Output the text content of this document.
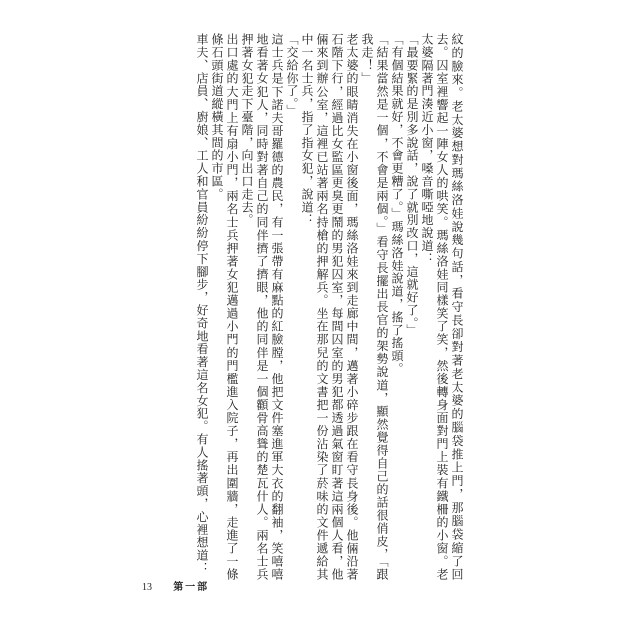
紋的臉來。老太婆想對瑪絲洛娃說幾句話，看守長卻對著老太婆的腦袋推上門，那腦袋縮了回去。囚室裡響起一陣女人的哄笑。瑪絲洛娃同樣笑了笑，然後轉身面對門上裝有鐵柵的小窗。老太婆隔著門湊近小窗，嗓音嘶啞地說道：

「最要緊的是別多說話，說了就別改口，這就好了。」

「有個結果就好，不會更糟了。」瑪絲洛娃說道，搖了搖頭。

「結果當然是一個，不會是兩個。」看守長擺出長官的架勢說道，顯然覺得自己的話很俏皮，「跟我走！」

老太婆的眼睛消失在小窗後面，瑪絲洛娃來到走廊中間，邁著小碎步跟在看守長身後。他倆沿著石階下行，經過比女監區更臭更鬧的男犯囚室，每間囚室的男犯都透過氣窗盯著這兩個人看，他倆來到辦公室，這裡已站著兩名持槍的押解兵。坐在那兒的文書把一份沾染了菸味的文件遞給其中一名士兵，指了指女犯，說道：

「交給你了。」

這士兵是下諾夫哥羅德的農民，有一張帶有麻點的紅臉膛，他把文件塞進軍大衣的翻袖，笑嘻嘻地看著女犯人，同時對著自己的同伴擠了擠眼，他的同伴是一個顴骨高聳的楚瓦什人。兩名士兵押著女犯走下臺階，向出口走去。

出口處的大門上有扇小門，兩名士兵押著女犯邁過小門的門檻進入院子，再出圍牆，走進了一條條石頭街道縱橫其間的市區。

車夫、店員、廚娘、工人和官員紛紛停下腳步，好奇地看著這名女犯。有人搖著頭，心裡想道：

13 第一部
